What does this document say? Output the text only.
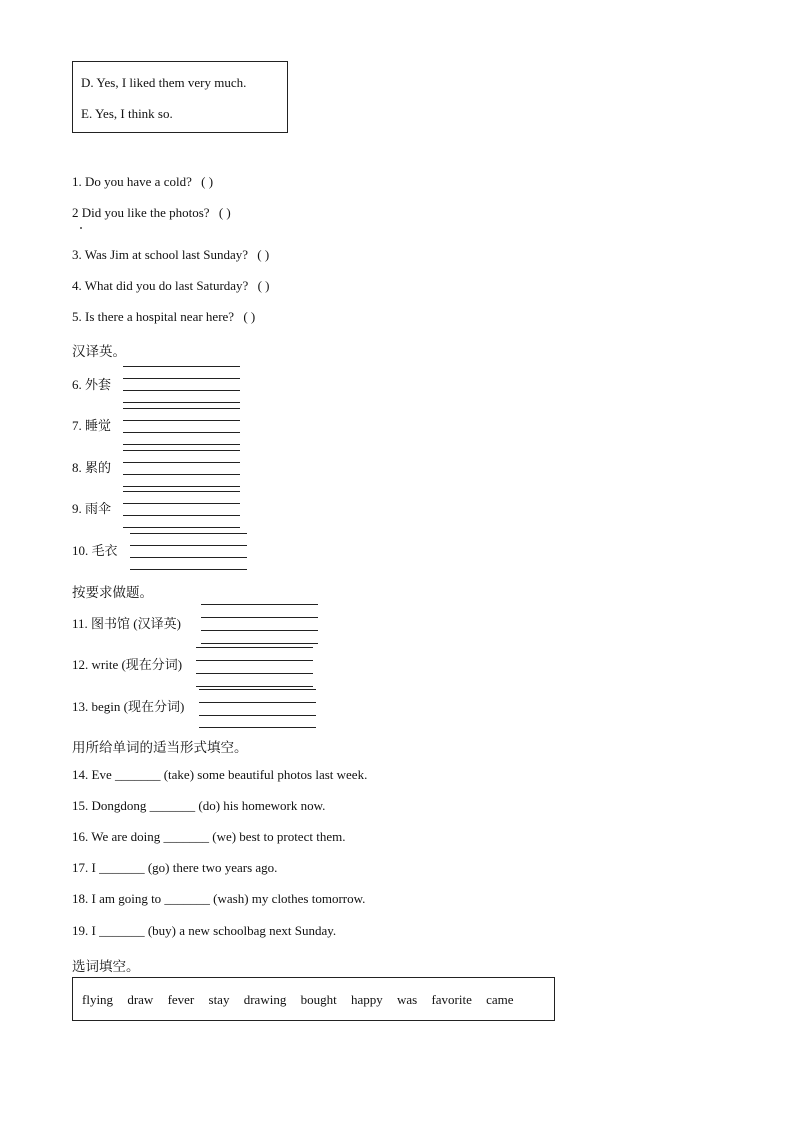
D. Yes, I liked them very much.
E. Yes, I think so.
1. Do you have a cold? ( )
2 Did you like the photos? ( )
3. Was Jim at school last Sunday? ( )
4. What did you do last Saturday? ( )
5. Is there a hospital near here? ( )
汉译英。
6. 外套
7. 睡觉
8. 累的
9. 雨伞
10. 毛衣
按要求做题。
11. 图书馆 (汉译英)
12. write (现在分词)
13. begin (现在分词)
用所给单词的适当形式填空。
14. Eve _______ (take) some beautiful photos last week.
15. Dongdong _______ (do) his homework now.
16. We are doing _______ (we) best to protect them.
17. I _______ (go) there two years ago.
18. I am going to _______ (wash) my clothes tomorrow.
19. I _______ (buy) a new schoolbag next Sunday.
选词填空。
flying draw fever stay drawing bought happy was favorite came
